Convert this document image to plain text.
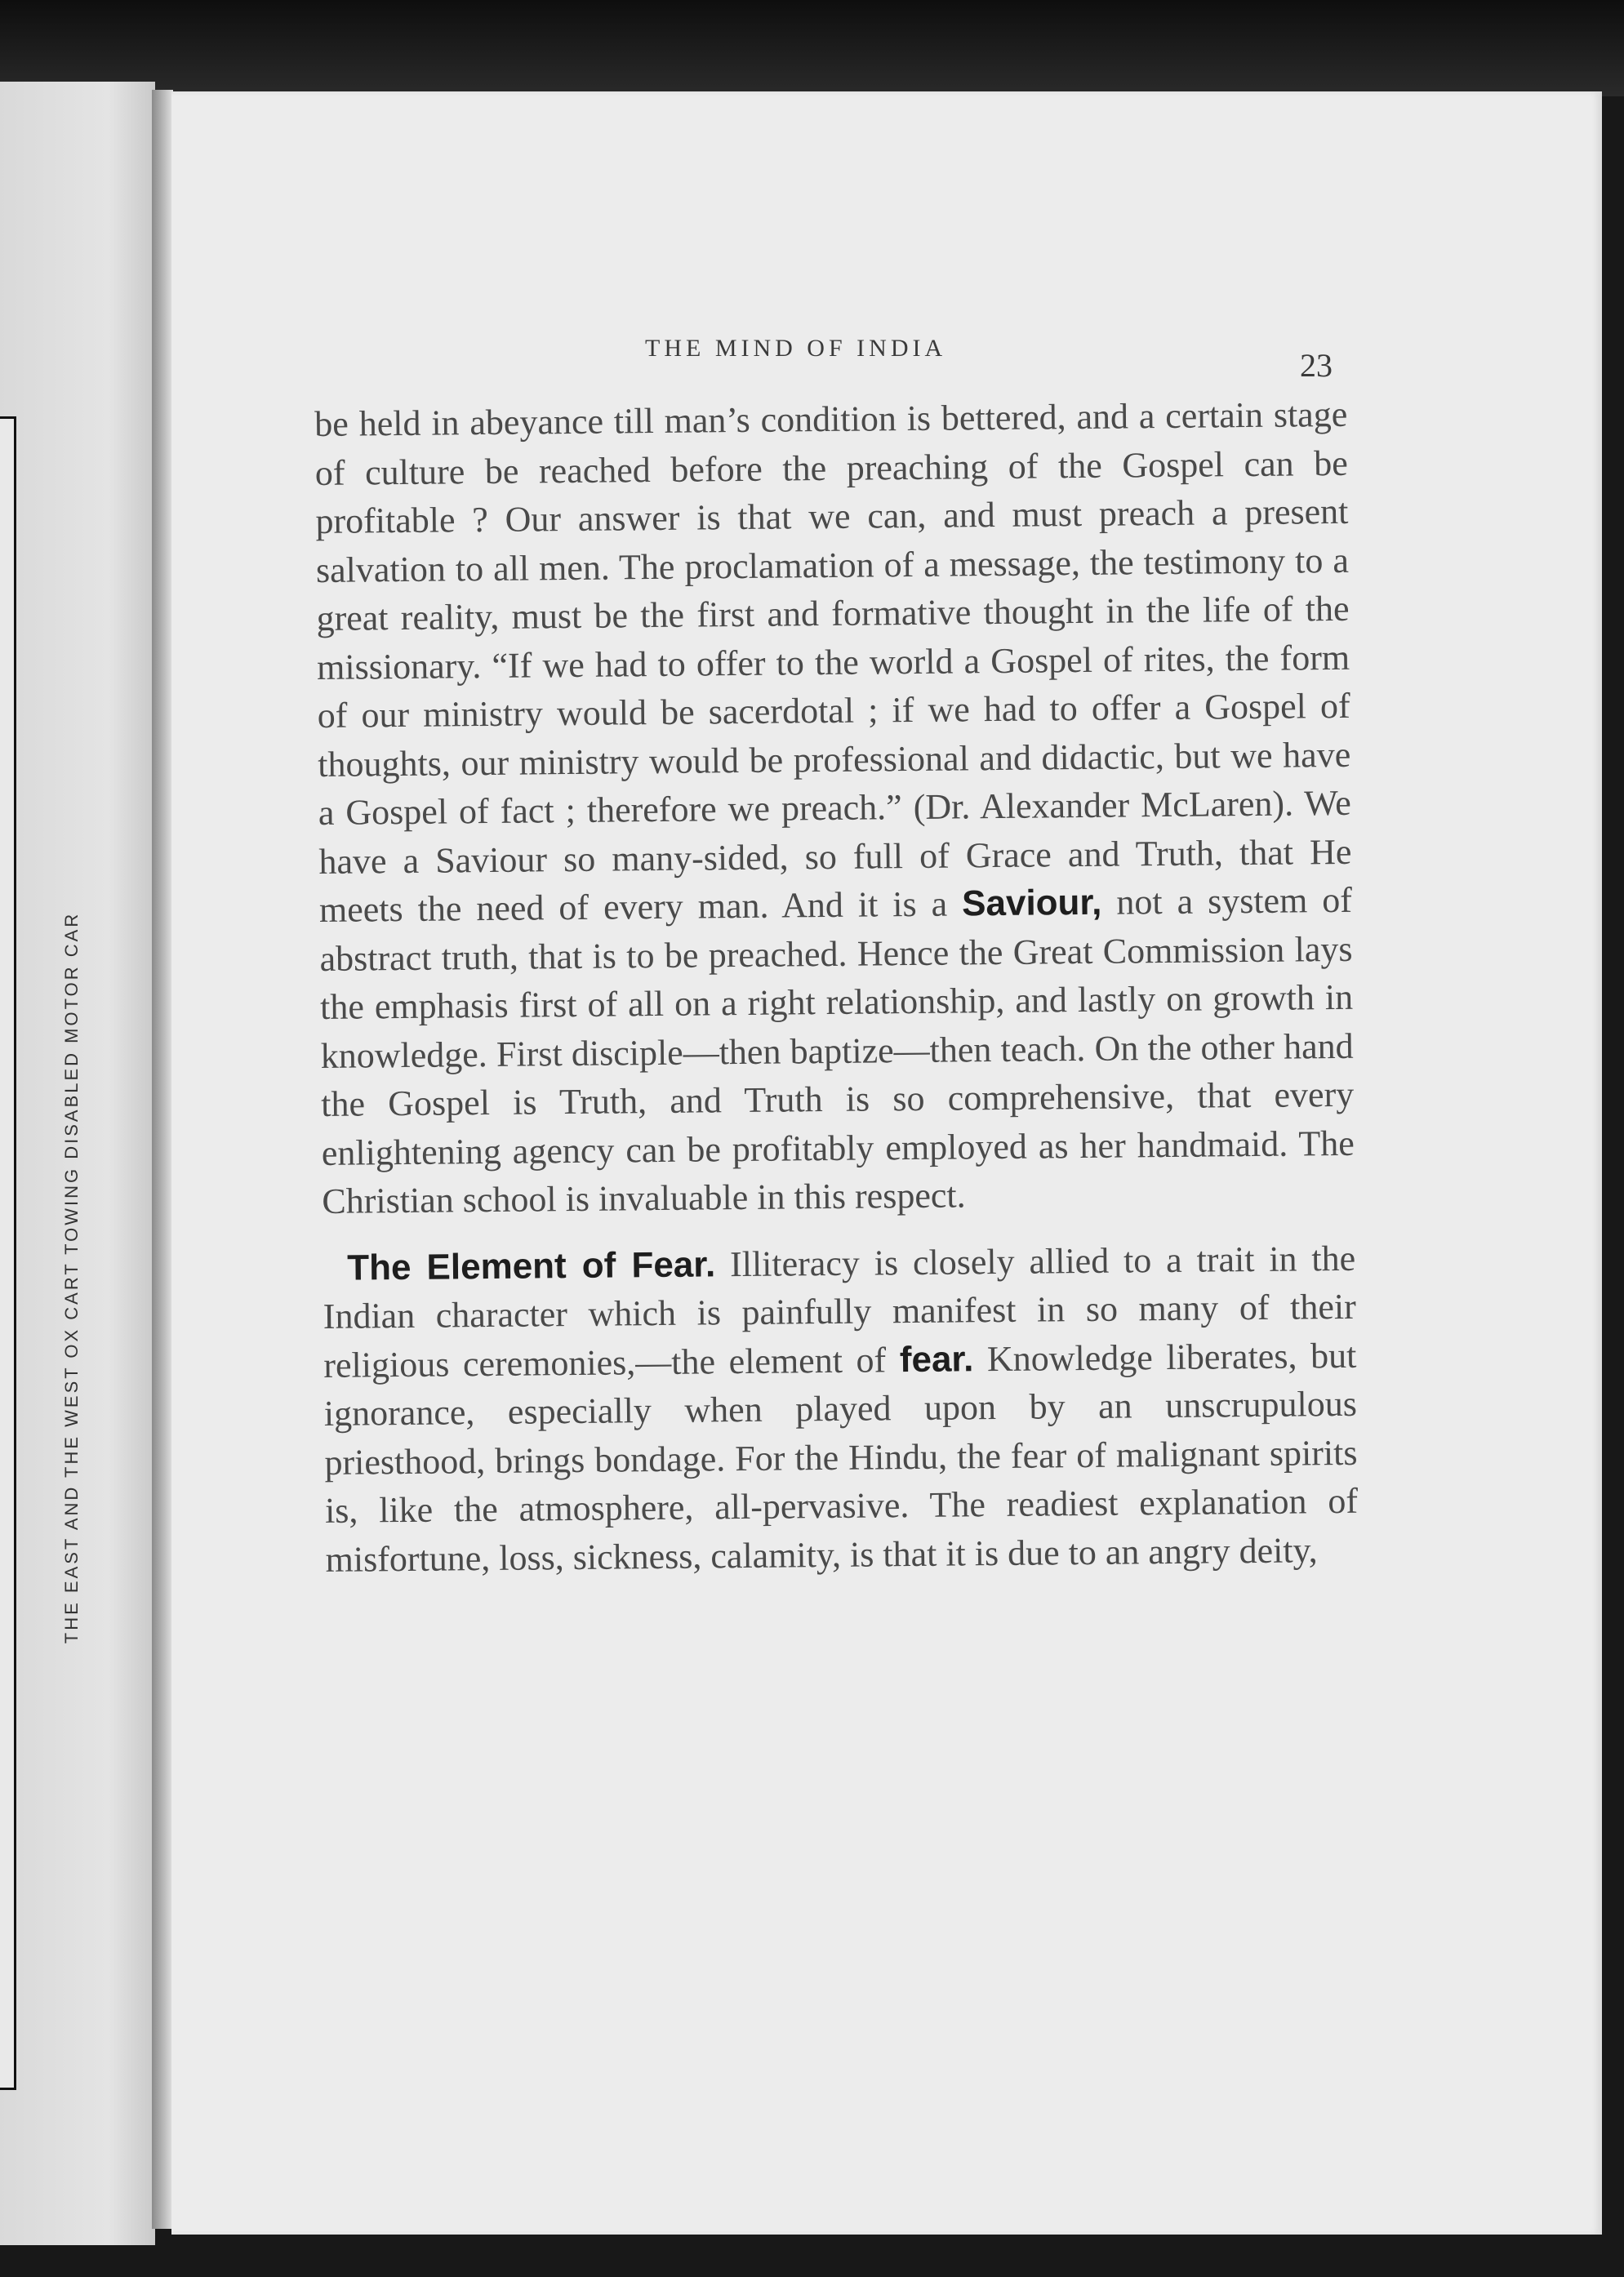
THE EAST AND THE WEST OX CART TOWING DISABLED MOTOR CAR
THE MIND OF INDIA	23

be held in abeyance till man’s condition is bettered, and a certain stage of culture be reached before the preaching of the Gospel can be profitable ? Our answer is that we can, and must preach a present salvation to all men. The proclamation of a message, the testimony to a great reality, must be the first and formative thought in the life of the missionary. “If we had to offer to the world a Gospel of rites, the form of our ministry would be sacerdotal ; if we had to offer a Gospel of thoughts, our ministry would be professional and didactic, but we have a Gospel of fact ; therefore we preach.” (Dr. Alexander McLaren). We have a Saviour so many-sided, so full of Grace and Truth, that He meets the need of every man. And it is a Saviour, not a system of abstract truth, that is to be preached. Hence the Great Commission lays the emphasis first of all on a right relationship, and lastly on growth in knowledge. First disciple—then baptize—then teach. On the other hand the Gospel is Truth, and Truth is so comprehensive, that every enlightening agency can be profitably employed as her handmaid. The Christian school is invaluable in this respect.

The Element of Fear. Illiteracy is closely allied to a trait in the Indian character which is painfully manifest in so many of their religious ceremonies,—the element of fear. Knowledge liberates, but ignorance, especially when played upon by an unscrupulous priesthood, brings bondage. For the Hindu, the fear of malignant spirits is, like the atmosphere, all-pervasive. The readiest explanation of misfortune, loss, sickness, calamity, is that it is due to an angry deity,
